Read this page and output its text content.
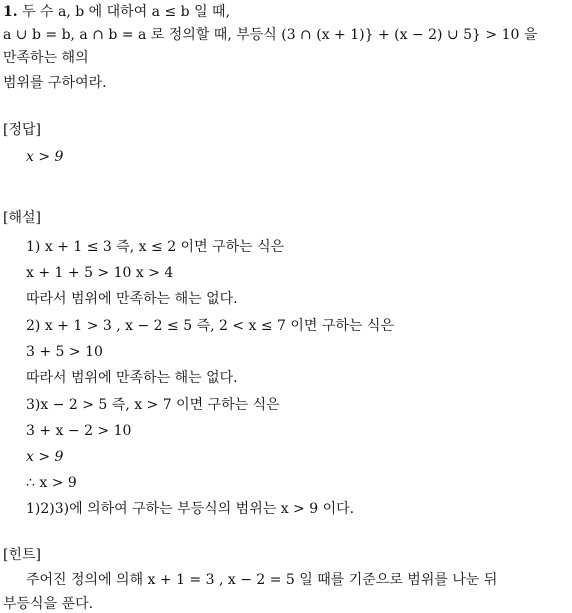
1. 두 수 a, b 에 대하여 a ≤ b 일 때,
a ∪ b = b, a ∩ b = a 로 정의할 때, 부등식 (3 ∩ (x + 1)} + (x − 2) ∪ 5} > 10 을
만족하는 해의
범위를 구하여라.
[정답]
x > 9
[해설]
1) x + 1 ≤ 3 즉, x ≤ 2 이면 구하는 식은
x + 1 + 5 > 10 x > 4
따라서 범위에 만족하는 해는 없다.
2) x + 1 > 3 , x − 2 ≤ 5 즉, 2 < x ≤ 7 이면 구하는 식은
3 + 5 > 10
따라서 범위에 만족하는 해는 없다.
3)x − 2 > 5 즉, x > 7 이면 구하는 식은
3 + x − 2 > 10
x > 9
∴ x > 9
1)2)3)에 의하여 구하는 부등식의 범위는 x > 9 이다.
[힌트]
주어진 정의에 의해 x + 1 = 3 , x − 2 = 5 일 때를 기준으로 범위를 나눈 뒤
부등식을 푼다.
